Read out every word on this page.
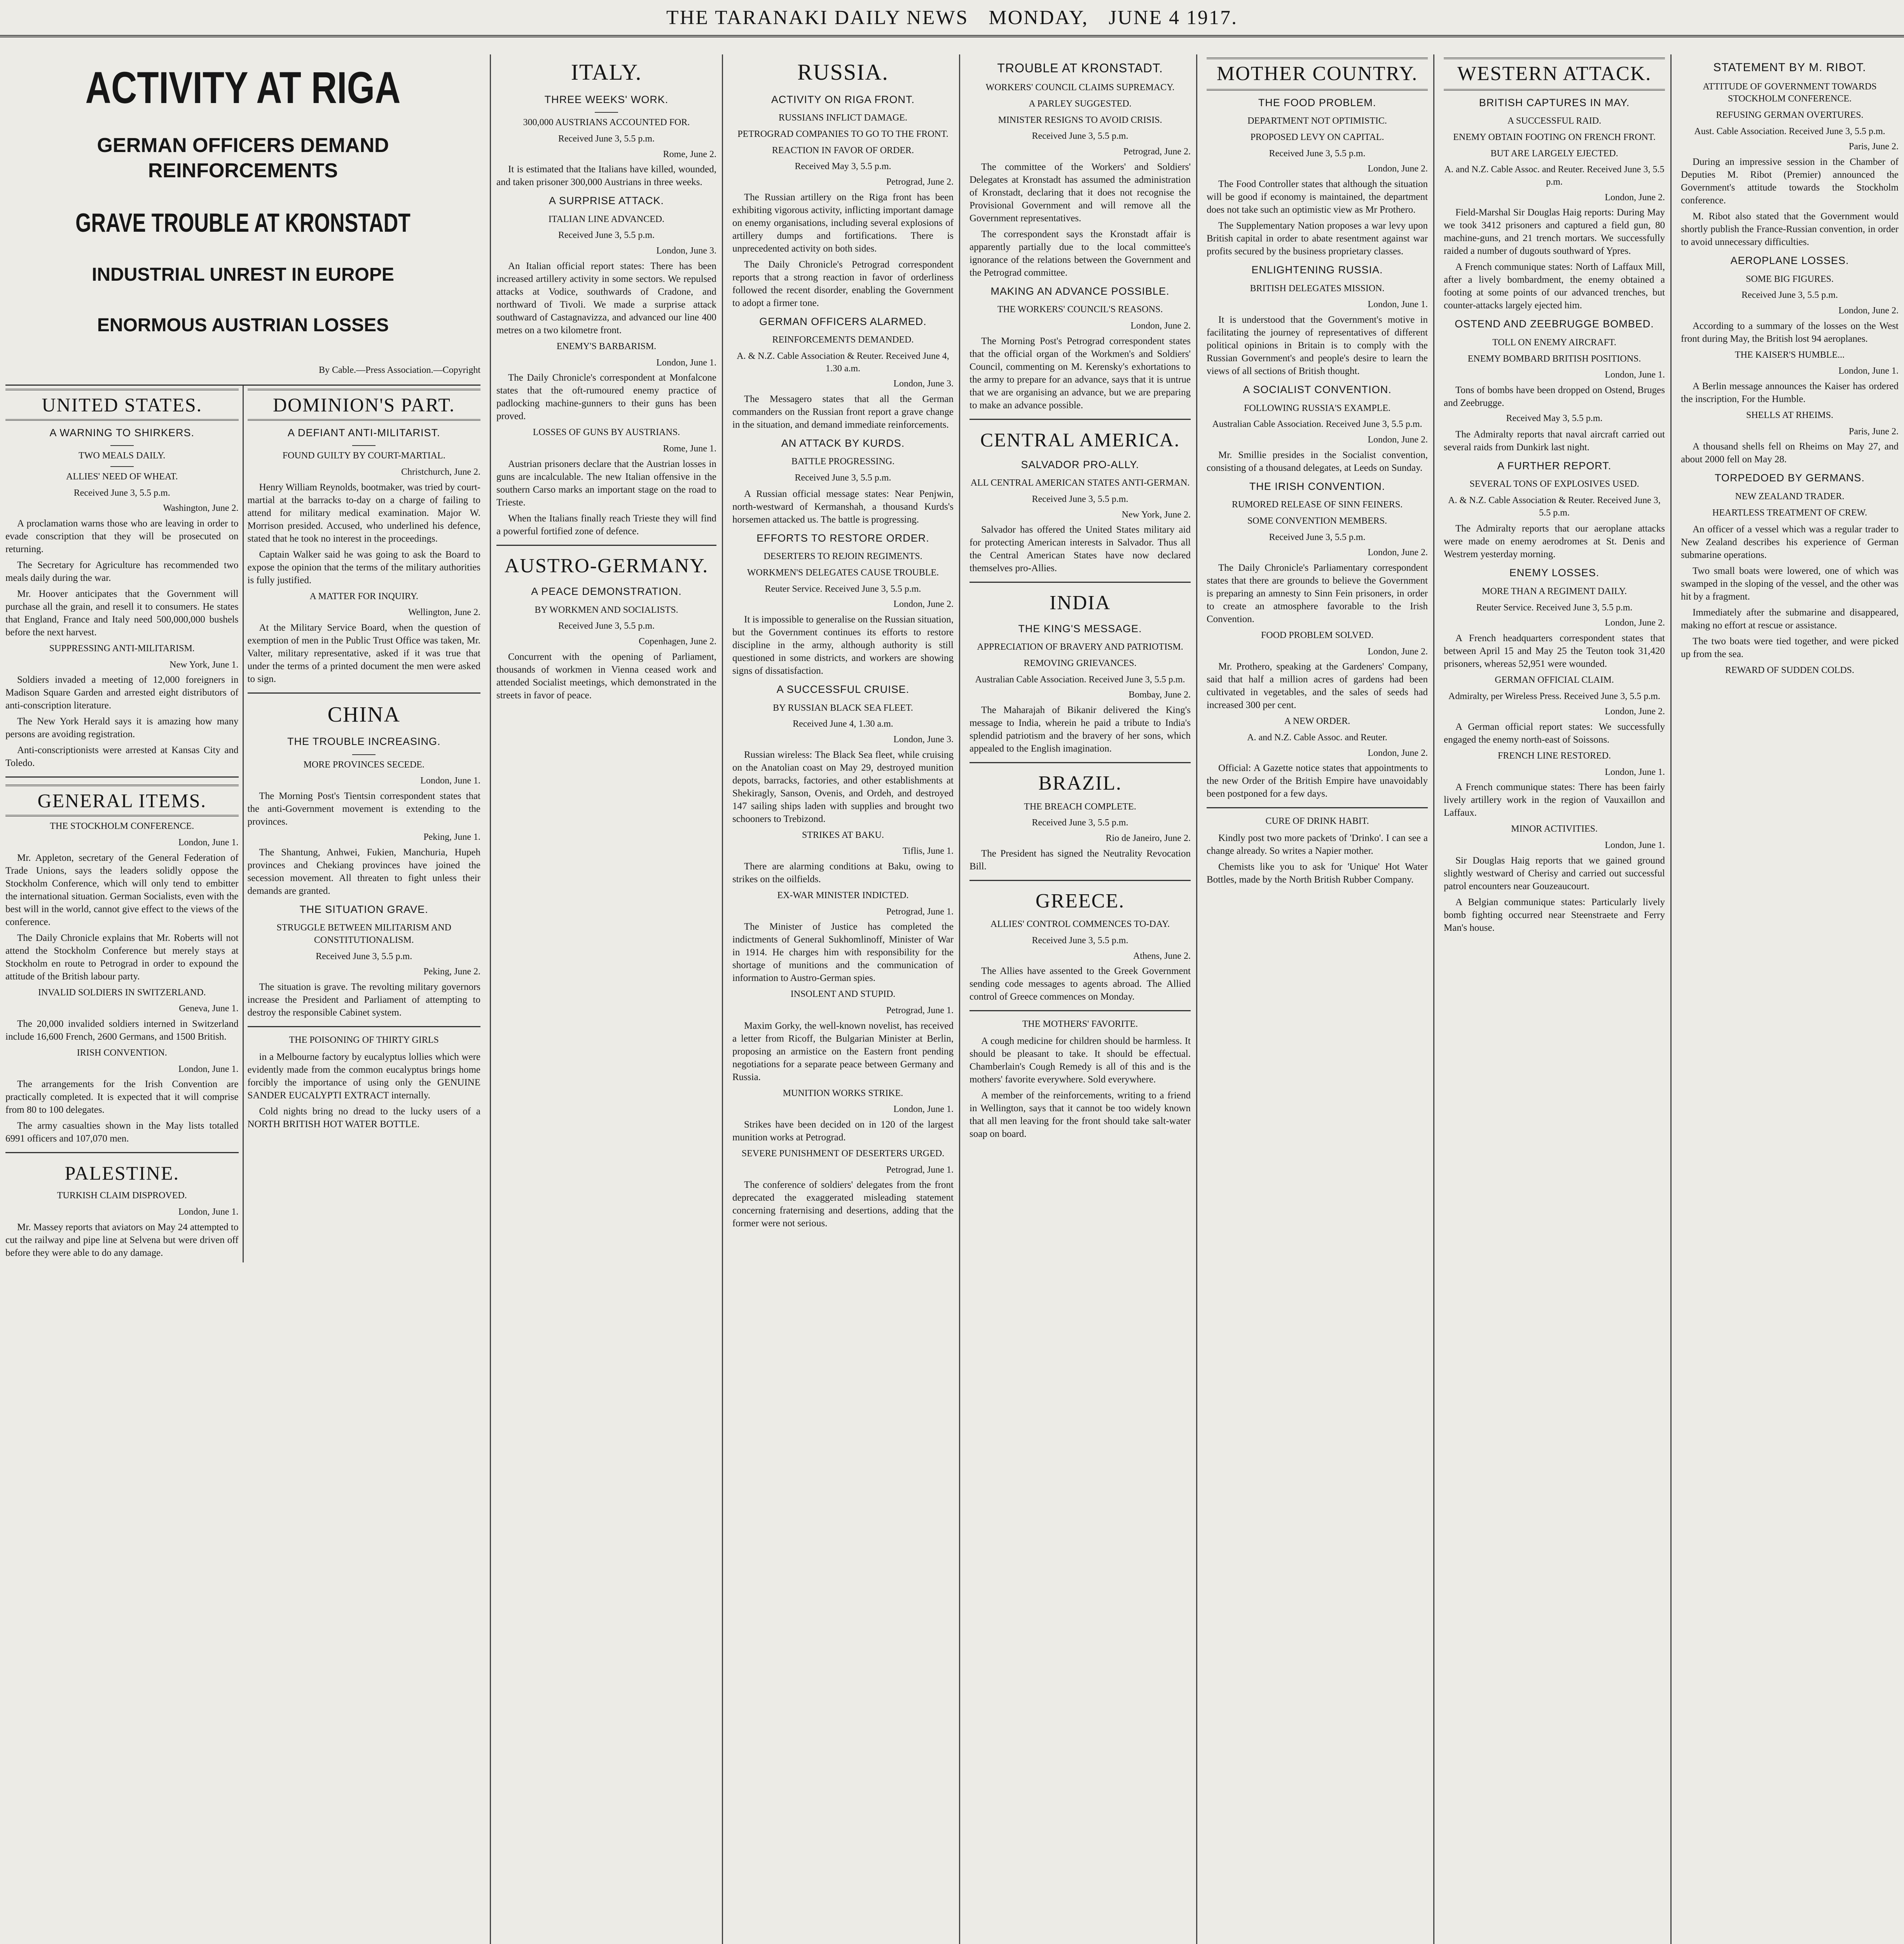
THE TARANAKI DAILY NEWS MONDAY, JUNE 4 1917.
ACTIVITY AT RIGA
GERMAN OFFICERS DEMAND REINFORCEMENTS
GRAVE TROUBLE AT KRONSTADT
INDUSTRIAL UNREST IN EUROPE
ENORMOUS AUSTRIAN LOSSES
By Cable.—Press Association.—Copyright
UNITED STATES.
A WARNING TO SHIRKERS.
TWO MEALS DAILY.
ALLIES' NEED OF WHEAT.
Received June 3, 5.5 p.m.
Washington, June 2.

A proclamation warns those who are leaving in order to evade conscription that they will be prosecuted on returning.

The Secretary for Agriculture has recommended two meals daily during the war.

Mr. Hoover anticipates that the Government will purchase all the grain, and resell it to consumers. He states that England, France and Italy need 500,000,000 bushels before the next harvest.

SUPPRESSING ANTI-MILITARISM.
New York, June 1.

Soldiers invaded a meeting of 12,000 foreigners in Madison Square Garden and arrested eight distributors of anti-conscription literature.

The New York Herald says it is amazing how many persons are avoiding registration.

Anti-conscriptionists were arrested at Kansas City and Toledo.

GENERAL ITEMS.
THE STOCKHOLM CONFERENCE.
London, June 1.

Mr. Appleton, secretary of the General Federation of Trade Unions, says the leaders solidly oppose the Stockholm Conference, which will only tend to embitter the international situation. German Socialists, even with the best will in the world, cannot give effect to the views of the conference.

The Daily Chronicle explains that Mr. Roberts will not attend the Stockholm Conference but merely stays at Stockholm en route to Petrograd in order to expound the attitude of the British labour party.

INVALID SOLDIERS IN SWITZERLAND.
Geneva, June 1.

The 20,000 invalided soldiers interned in Switzerland include 16,600 French, 2600 Germans, and 1500 British.

IRISH CONVENTION.
London, June 1.

The arrangements for the Irish Convention are practically completed. It is expected that it will comprise from 80 to 100 delegates.

The army casualties shown in the May lists totalled 6991 officers and 107,070 men.

PALESTINE.
TURKISH CLAIM DISPROVED.
London, June 1.

Mr. Massey reports that aviators on May 24 attempted to cut the railway and pipe line at Selvena but were driven off before they were able to do any damage.

DOMINION'S PART.
A DEFIANT ANTI-MILITARIST.
FOUND GUILTY BY COURT-MARTIAL.
Christchurch, June 2.

Henry William Reynolds, bootmaker, was tried by court-martial at the barracks to-day on a charge of failing to attend for military medical examination. Major W. Morrison presided. Accused, who underlined his defence, stated that he took no interest in the proceedings.

Captain Walker said he was going to ask the Board to expose the opinion that the terms of the military authorities is fully justified.

A MATTER FOR INQUIRY.
Wellington, June 2.

At the Military Service Board, when the question of exemption of men in the Public Trust Office was taken, Mr. Valter, military representative, asked if it was true that under the terms of a printed document the men were asked to sign.

CHINA
THE TROUBLE INCREASING.
MORE PROVINCES SECEDE.
London, June 1.

The Morning Post's Tientsin correspondent states that the anti-Government movement is extending to the provinces.

Peking, June 1.

The Shantung, Anhwei, Fukien, Manchuria, Hupeh provinces and Chekiang provinces have joined the secession movement. All threaten to fight unless their demands are granted.

THE SITUATION GRAVE.
STRUGGLE BETWEEN MILITARISM AND CONSTITUTIONALISM.
Received June 3, 5.5 p.m.
Peking, June 2.

The situation is grave. The revolting military governors increase the President and Parliament of attempting to destroy the responsible Cabinet system.

THE POISONING OF THIRTY GIRLS

in a Melbourne factory by eucalyptus lollies which were evidently made from the common eucalyptus brings home forcibly the importance of using only the GENUINE SANDER EUCALYPTI EXTRACT internally.

Cold nights bring no dread to the lucky users of a NORTH BRITISH HOT WATER BOTTLE.

ITALY.
THREE WEEKS' WORK.
300,000 AUSTRIANS ACCOUNTED FOR.
Received June 3, 5.5 p.m.
Rome, June 2.

It is estimated that the Italians have killed, wounded, and taken prisoner 300,000 Austrians in three weeks.

A SURPRISE ATTACK.
ITALIAN LINE ADVANCED.
Received June 3, 5.5 p.m.
London, June 3.

An Italian official report states: There has been increased artillery activity in some sectors. We repulsed attacks at Vodice, southwards of Cradone, and northward of Tivoli. We made a surprise attack southward of Castagnavizza, and advanced our line 400 metres on a two kilometre front.

ENEMY'S BARBARISM.
London, June 1.

The Daily Chronicle's correspondent at Monfalcone states that the oft-rumoured enemy practice of padlocking machine-gunners to their guns has been proved.

LOSSES OF GUNS BY AUSTRIANS.
Rome, June 1.

Austrian prisoners declare that the Austrian losses in guns are incalculable. The new Italian offensive in the southern Carso marks an important stage on the road to Trieste.

When the Italians finally reach Trieste they will find a powerful fortified zone of defence.

AUSTRO-GERMANY.
A PEACE DEMONSTRATION.
BY WORKMEN AND SOCIALISTS.
Received June 3, 5.5 p.m.
Copenhagen, June 2.

Concurrent with the opening of Parliament, thousands of workmen in Vienna ceased work and attended Socialist meetings, which demonstrated in the streets in favor of peace.

RUSSIA.
ACTIVITY ON RIGA FRONT.
RUSSIANS INFLICT DAMAGE.
PETROGRAD COMPANIES TO GO TO THE FRONT.
REACTION IN FAVOR OF ORDER.
Received May 3, 5.5 p.m.
Petrograd, June 2.

The Russian artillery on the Riga front has been exhibiting vigorous activity, inflicting important damage on enemy organisations, including several explosions of artillery dumps and fortifications. There is unprecedented activity on both sides.

The Daily Chronicle's Petrograd correspondent reports that a strong reaction in favor of orderliness followed the recent disorder, enabling the Government to adopt a firmer tone.

GERMAN OFFICERS ALARMED.
REINFORCEMENTS DEMANDED.
A. & N.Z. Cable Association & Reuter. Received June 4, 1.30 a.m.
London, June 3.

The Messagero states that all the German commanders on the Russian front report a grave change in the situation, and demand immediate reinforcements.

AN ATTACK BY KURDS.
BATTLE PROGRESSING.
Received June 3, 5.5 p.m.

A Russian official message states: Near Penjwin, north-westward of Kermanshah, a thousand Kurds's horsemen attacked us. The battle is progressing.

EFFORTS TO RESTORE ORDER.
DESERTERS TO REJOIN REGIMENTS.
WORKMEN'S DELEGATES CAUSE TROUBLE.
Reuter Service. Received June 3, 5.5 p.m.
London, June 2.

It is impossible to generalise on the Russian situation, but the Government continues its efforts to restore discipline in the army, although authority is still questioned in some districts, and workers are showing signs of dissatisfaction.

A SUCCESSFUL CRUISE.
BY RUSSIAN BLACK SEA FLEET.
Received June 4, 1.30 a.m.
London, June 3.

Russian wireless: The Black Sea fleet, while cruising on the Anatolian coast on May 29, destroyed munition depots, barracks, factories, and other establishments at Shekiragly, Sanson, Ovenis, and Ordeh, and destroyed 147 sailing ships laden with supplies and brought two schooners to Trebizond.

STRIKES AT BAKU.
Tiflis, June 1.

There are alarming conditions at Baku, owing to strikes on the oilfields.

EX-WAR MINISTER INDICTED.
Petrograd, June 1.

The Minister of Justice has completed the indictments of General Sukhomlinoff, Minister of War in 1914. He charges him with responsibility for the shortage of munitions and the communication of information to Austro-German spies.

INSOLENT AND STUPID.
Petrograd, June 1.

Maxim Gorky, the well-known novelist, has received a letter from Ricoff, the Bulgarian Minister at Berlin, proposing an armistice on the Eastern front pending negotiations for a separate peace between Germany and Russia.

MUNITION WORKS STRIKE.
London, June 1.

Strikes have been decided on in 120 of the largest munition works at Petrograd.

SEVERE PUNISHMENT OF DESERTERS URGED.
Petrograd, June 1.

The conference of soldiers' delegates from the front deprecated the exaggerated misleading statement concerning fraternising and desertions, adding that the former were not serious.

TROUBLE AT KRONSTADT.
WORKERS' COUNCIL CLAIMS SUPREMACY.
A PARLEY SUGGESTED.
MINISTER RESIGNS TO AVOID CRISIS.
Received June 3, 5.5 p.m.
Petrograd, June 2.

The committee of the Workers' and Soldiers' Delegates at Kronstadt has assumed the administration of Kronstadt, declaring that it does not recognise the Provisional Government and will remove all the Government representatives.

The correspondent says the Kronstadt affair is apparently partially due to the local committee's ignorance of the relations between the Government and the Petrograd committee.

MAKING AN ADVANCE POSSIBLE.
THE WORKERS' COUNCIL'S REASONS.
London, June 2.

The Morning Post's Petrograd correspondent states that the official organ of the Workmen's and Soldiers' Council, commenting on M. Kerensky's exhortations to the army to prepare for an advance, says that it is untrue that we are organising an advance, but we are preparing to make an advance possible.

CENTRAL AMERICA.
SALVADOR PRO-ALLY.
ALL CENTRAL AMERICAN STATES ANTI-GERMAN.
Received June 3, 5.5 p.m.
New York, June 2.

Salvador has offered the United States military aid for protecting American interests in Salvador. Thus all the Central American States have now declared themselves pro-Allies.

INDIA
THE KING'S MESSAGE.
APPRECIATION OF BRAVERY AND PATRIOTISM.
REMOVING GRIEVANCES.
Australian Cable Association. Received June 3, 5.5 p.m.
Bombay, June 2.

The Maharajah of Bikanir delivered the King's message to India, wherein he paid a tribute to India's splendid patriotism and the bravery of her sons, which appealed to the English imagination.

BRAZIL.
THE BREACH COMPLETE.
Received June 3, 5.5 p.m.
Rio de Janeiro, June 2.

The President has signed the Neutrality Revocation Bill.

GREECE.
ALLIES' CONTROL COMMENCES TO-DAY.
Received June 3, 5.5 p.m.
Athens, June 2.

The Allies have assented to the Greek Government sending code messages to agents abroad. The Allied control of Greece commences on Monday.

THE MOTHERS' FAVORITE.

A cough medicine for children should be harmless. It should be pleasant to take. It should be effectual. Chamberlain's Cough Remedy is all of this and is the mothers' favorite everywhere. Sold everywhere.

A member of the reinforcements, writing to a friend in Wellington, says that it cannot be too widely known that all men leaving for the front should take salt-water soap on board.

MOTHER COUNTRY.
THE FOOD PROBLEM.
DEPARTMENT NOT OPTIMISTIC.
PROPOSED LEVY ON CAPITAL.
Received June 3, 5.5 p.m.
London, June 2.

The Food Controller states that although the situation will be good if economy is maintained, the department does not take such an optimistic view as Mr Prothero.

The Supplementary Nation proposes a war levy upon British capital in order to abate resentment against war profits secured by the business proprietary classes.

ENLIGHTENING RUSSIA.
BRITISH DELEGATES MISSION.
London, June 1.

It is understood that the Government's motive in facilitating the journey of representatives of different political opinions in Britain is to comply with the Russian Government's and people's desire to learn the views of all sections of British thought.

A SOCIALIST CONVENTION.
FOLLOWING RUSSIA'S EXAMPLE.
Australian Cable Association. Received June 3, 5.5 p.m.
London, June 2.

Mr. Smillie presides in the Socialist convention, consisting of a thousand delegates, at Leeds on Sunday.

THE IRISH CONVENTION.
RUMORED RELEASE OF SINN FEINERS.
SOME CONVENTION MEMBERS.
Received June 3, 5.5 p.m.
London, June 2.

The Daily Chronicle's Parliamentary correspondent states that there are grounds to believe the Government is preparing an amnesty to Sinn Fein prisoners, in order to create an atmosphere favorable to the Irish Convention.

FOOD PROBLEM SOLVED.
London, June 2.

Mr. Prothero, speaking at the Gardeners' Company, said that half a million acres of gardens had been cultivated in vegetables, and the sales of seeds had increased 300 per cent.

A NEW ORDER.
A. and N.Z. Cable Assoc. and Reuter.
London, June 2.

Official: A Gazette notice states that appointments to the new Order of the British Empire have unavoidably been postponed for a few days.

CURE OF DRINK HABIT.

Kindly post two more packets of 'Drinko'. I can see a change already. So writes a Napier mother.

Chemists like you to ask for 'Unique' Hot Water Bottles, made by the North British Rubber Company.

WESTERN ATTACK.
BRITISH CAPTURES IN MAY.
A SUCCESSFUL RAID.
ENEMY OBTAIN FOOTING ON FRENCH FRONT.
BUT ARE LARGELY EJECTED.
A. and N.Z. Cable Assoc. and Reuter. Received June 3, 5.5 p.m.
London, June 2.

Field-Marshal Sir Douglas Haig reports: During May we took 3412 prisoners and captured a field gun, 80 machine-guns, and 21 trench mortars. We successfully raided a number of dugouts southward of Ypres.

A French communique states: North of Laffaux Mill, after a lively bombardment, the enemy obtained a footing at some points of our advanced trenches, but counter-attacks largely ejected him.

OSTEND AND ZEEBRUGGE BOMBED.
TOLL ON ENEMY AIRCRAFT.
ENEMY BOMBARD BRITISH POSITIONS.
London, June 1.

Tons of bombs have been dropped on Ostend, Bruges and Zeebrugge.

Received May 3, 5.5 p.m.

The Admiralty reports that naval aircraft carried out several raids from Dunkirk last night.

A FURTHER REPORT.
SEVERAL TONS OF EXPLOSIVES USED.
A. & N.Z. Cable Association & Reuter. Received June 3, 5.5 p.m.

The Admiralty reports that our aeroplane attacks were made on enemy aerodromes at St. Denis and Westrem yesterday morning.

ENEMY LOSSES.
MORE THAN A REGIMENT DAILY.
Reuter Service. Received June 3, 5.5 p.m.
London, June 2.

A French headquarters correspondent states that between April 15 and May 25 the Teuton took 31,420 prisoners, whereas 52,951 were wounded.

GERMAN OFFICIAL CLAIM.
Admiralty, per Wireless Press. Received June 3, 5.5 p.m.
London, June 2.

A German official report states: We successfully engaged the enemy north-east of Soissons.

FRENCH LINE RESTORED.
London, June 1.

A French communique states: There has been fairly lively artillery work in the region of Vauxaillon and Laffaux.

MINOR ACTIVITIES.
London, June 1.

Sir Douglas Haig reports that we gained ground slightly westward of Cherisy and carried out successful patrol encounters near Gouzeaucourt.

A Belgian communique states: Particularly lively bomb fighting occurred near Steenstraete and Ferry Man's house.

STATEMENT BY M. RIBOT.
ATTITUDE OF GOVERNMENT TOWARDS STOCKHOLM CONFERENCE.
REFUSING GERMAN OVERTURES.
Aust. Cable Association. Received June 3, 5.5 p.m.
Paris, June 2.

During an impressive session in the Chamber of Deputies M. Ribot (Premier) announced the Government's attitude towards the Stockholm conference.

M. Ribot also stated that the Government would shortly publish the France-Russian convention, in order to avoid unnecessary difficulties.

AEROPLANE LOSSES.
SOME BIG FIGURES.
Received June 3, 5.5 p.m.
London, June 2.

According to a summary of the losses on the West front during May, the British lost 94 aeroplanes.

THE KAISER'S HUMBLE...
London, June 1.

A Berlin message announces the Kaiser has ordered the inscription, For the Humble.

SHELLS AT RHEIMS.
Paris, June 2.

A thousand shells fell on Rheims on May 27, and about 2000 fell on May 28.

TORPEDOED BY GERMANS.
NEW ZEALAND TRADER.
HEARTLESS TREATMENT OF CREW.

An officer of a vessel which was a regular trader to New Zealand describes his experience of German submarine operations.

Two small boats were lowered, one of which was swamped in the sloping of the vessel, and the other was hit by a fragment.

Immediately after the submarine and disappeared, making no effort at rescue or assistance.

The two boats were tied together, and were picked up from the sea.

REWARD OF SUDDEN COLDS.
